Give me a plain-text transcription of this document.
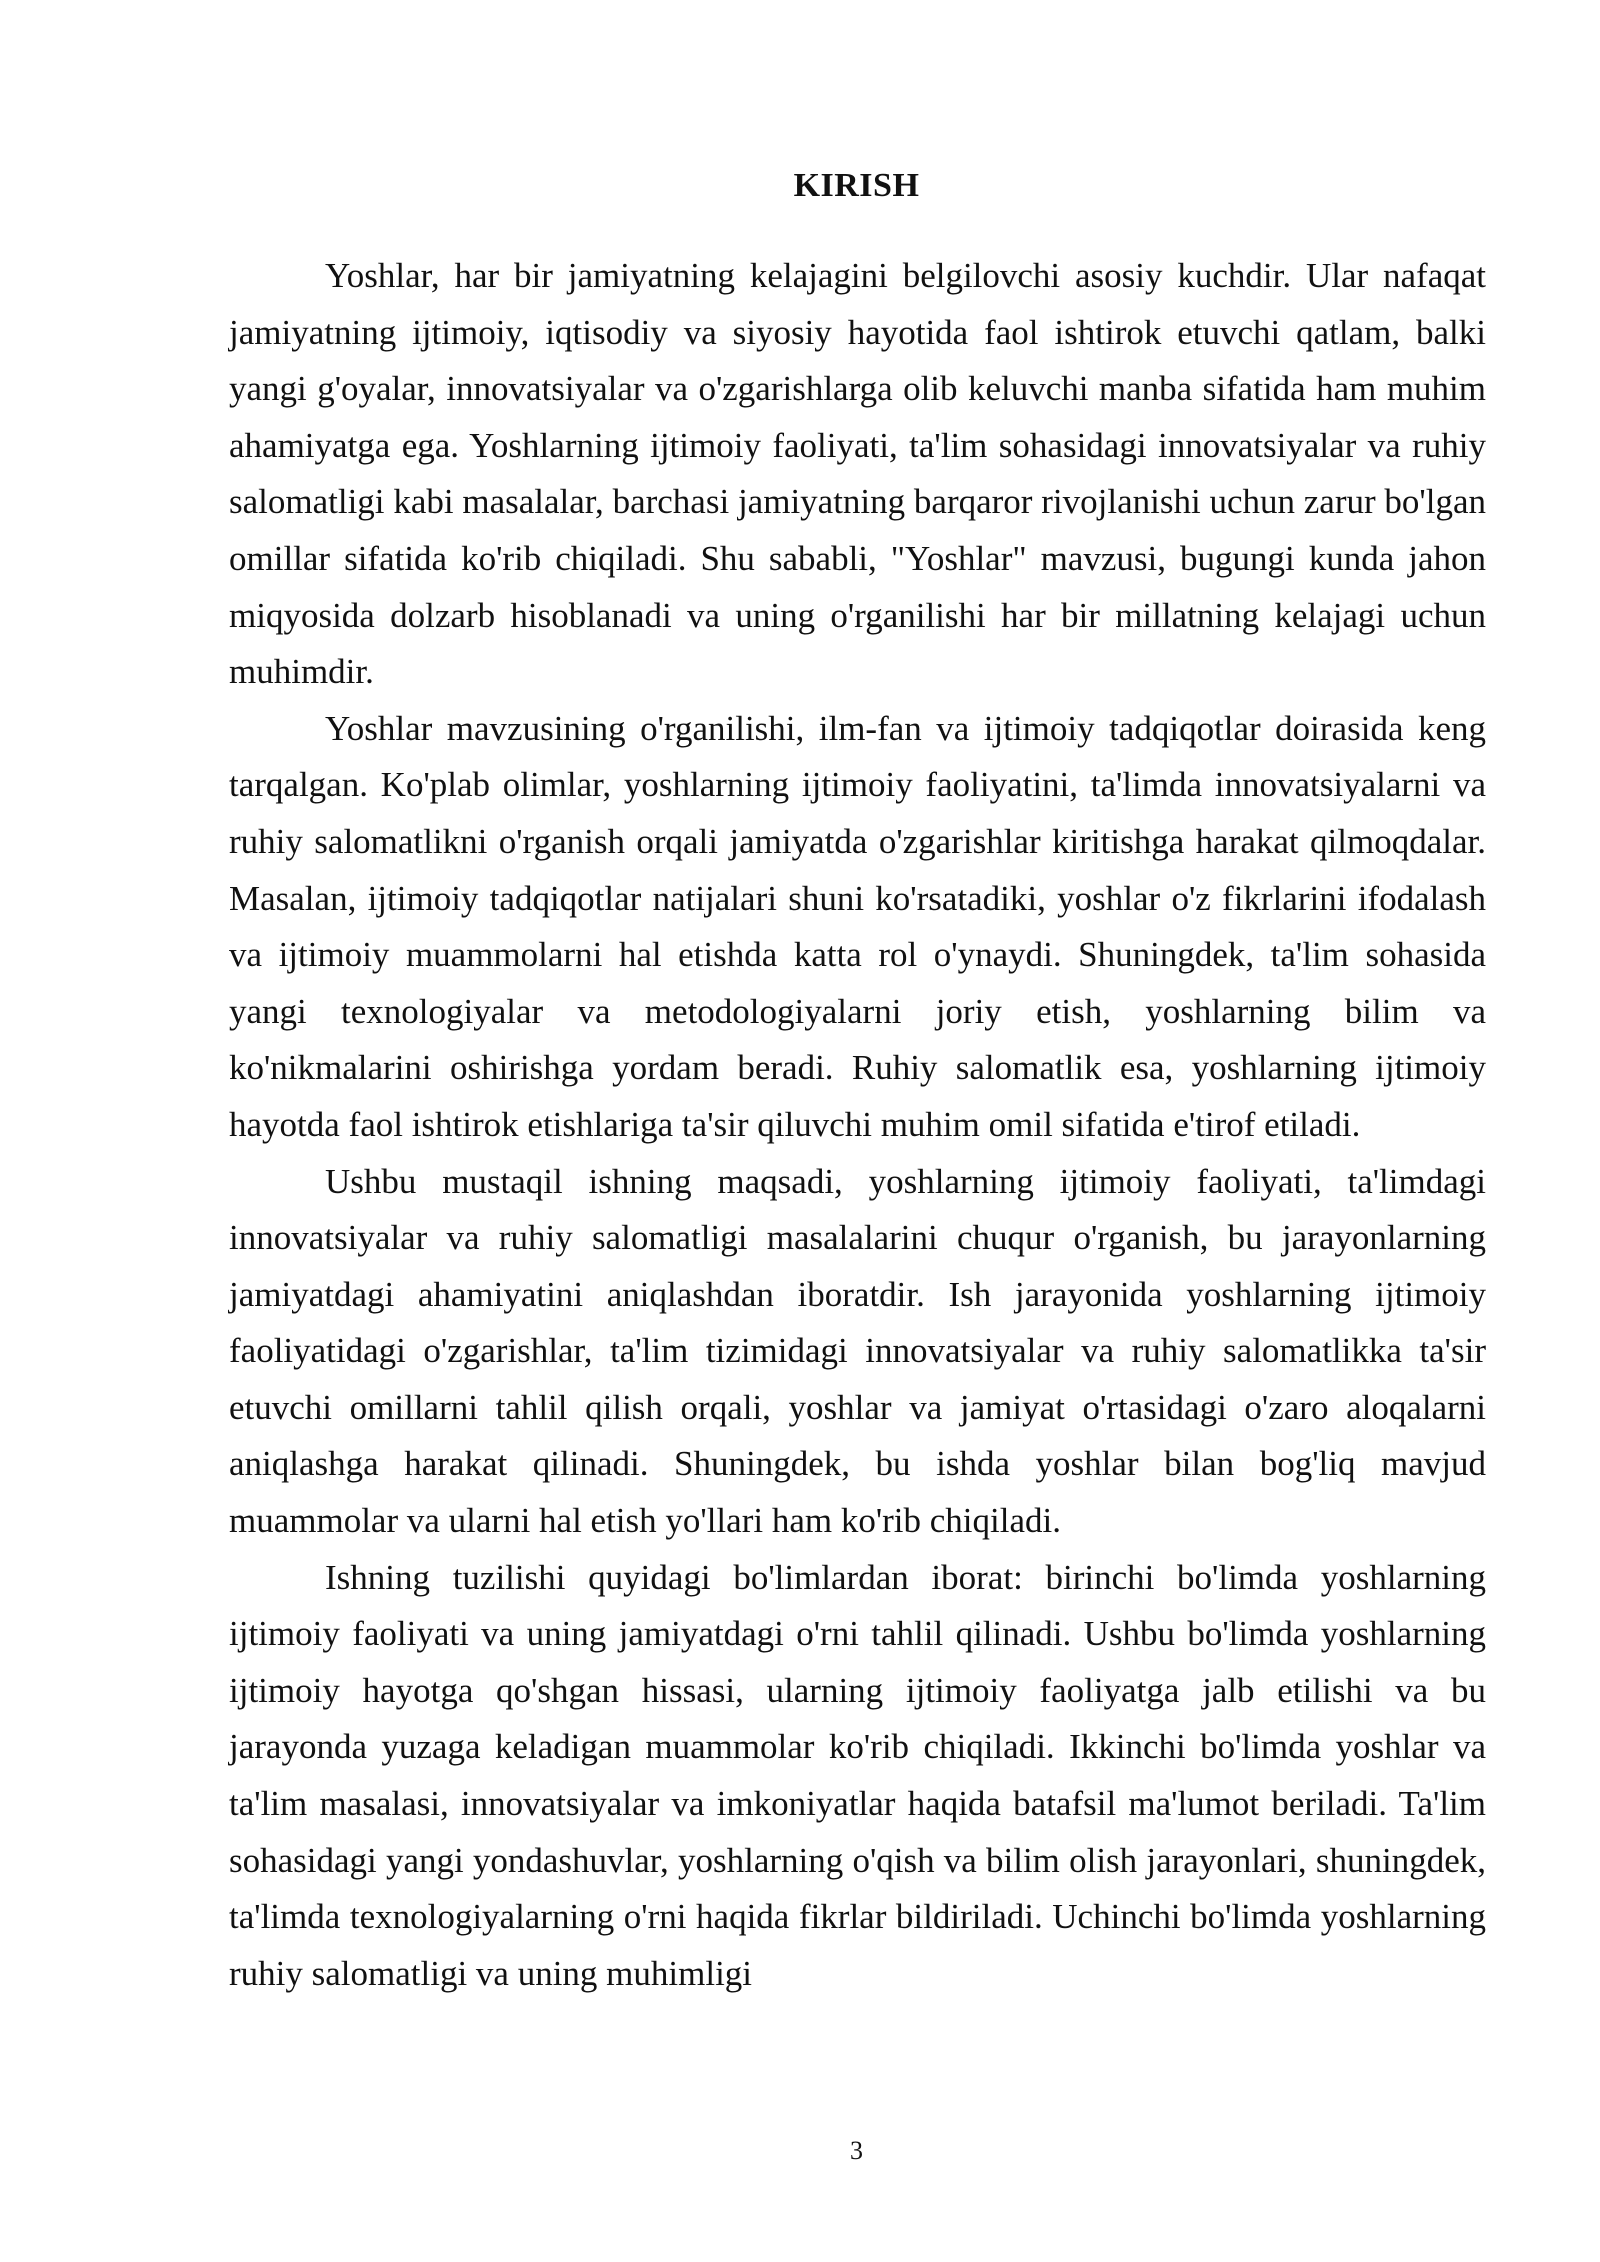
KIRISH

Yoshlar, har bir jamiyatning kelajagini belgilovchi asosiy kuchdir. Ular nafaqat jamiyatning ijtimoiy, iqtisodiy va siyosiy hayotida faol ishtirok etuvchi qatlam, balki yangi g'oyalar, innovatsiyalar va o'zgarishlarga olib keluvchi manba sifatida ham muhim ahamiyatga ega. Yoshlarning ijtimoiy faoliyati, ta'lim sohasidagi innovatsiyalar va ruhiy salomatligi kabi masalalar, barchasi jamiyatning barqaror rivojlanishi uchun zarur bo'lgan omillar sifatida ko'rib chiqiladi. Shu sababli, "Yoshlar" mavzusi, bugungi kunda jahon miqyosida dolzarb hisoblanadi va uning o'rganilishi har bir millatning kelajagi uchun muhimdir.

Yoshlar mavzusining o'rganilishi, ilm-fan va ijtimoiy tadqiqotlar doirasida keng tarqalgan. Ko'plab olimlar, yoshlarning ijtimoiy faoliyatini, ta'limda innovatsiyalarni va ruhiy salomatlikni o'rganish orqali jamiyatda o'zgarishlar kiritishga harakat qilmoqdalar. Masalan, ijtimoiy tadqiqotlar natijalari shuni ko'rsatadiki, yoshlar o'z fikrlarini ifodalash va ijtimoiy muammolarni hal etishda katta rol o'ynaydi. Shuningdek, ta'lim sohasida yangi texnologiyalar va metodologiyalarni joriy etish, yoshlarning bilim va ko'nikmalarini oshirishga yordam beradi. Ruhiy salomatlik esa, yoshlarning ijtimoiy hayotda faol ishtirok etishlariga ta'sir qiluvchi muhim omil sifatida e'tirof etiladi.

Ushbu mustaqil ishning maqsadi, yoshlarning ijtimoiy faoliyati, ta'limdagi innovatsiyalar va ruhiy salomatligi masalalarini chuqur o'rganish, bu jarayonlarning jamiyatdagi ahamiyatini aniqlashdan iboratdir. Ish jarayonida yoshlarning ijtimoiy faoliyatidagi o'zgarishlar, ta'lim tizimidagi innovatsiyalar va ruhiy salomatlikka ta'sir etuvchi omillarni tahlil qilish orqali, yoshlar va jamiyat o'rtasidagi o'zaro aloqalarni aniqlashga harakat qilinadi. Shuningdek, bu ishda yoshlar bilan bog'liq mavjud muammolar va ularni hal etish yo'llari ham ko'rib chiqiladi.

Ishning tuzilishi quyidagi bo'limlardan iborat: birinchi bo'limda yoshlarning ijtimoiy faoliyati va uning jamiyatdagi o'rni tahlil qilinadi. Ushbu bo'limda yoshlarning ijtimoiy hayotga qo'shgan hissasi, ularning ijtimoiy faoliyatga jalb etilishi va bu jarayonda yuzaga keladigan muammolar ko'rib chiqiladi. Ikkinchi bo'limda yoshlar va ta'lim masalasi, innovatsiyalar va imkoniyatlar haqida batafsil ma'lumot beriladi. Ta'lim sohasidagi yangi yondashuvlar, yoshlarning o'qish va bilim olish jarayonlari, shuningdek, ta'limda texnologiyalarning o'rni haqida fikrlar bildiriladi. Uchinchi bo'limda yoshlarning ruhiy salomatligi va uning muhimligi

3
